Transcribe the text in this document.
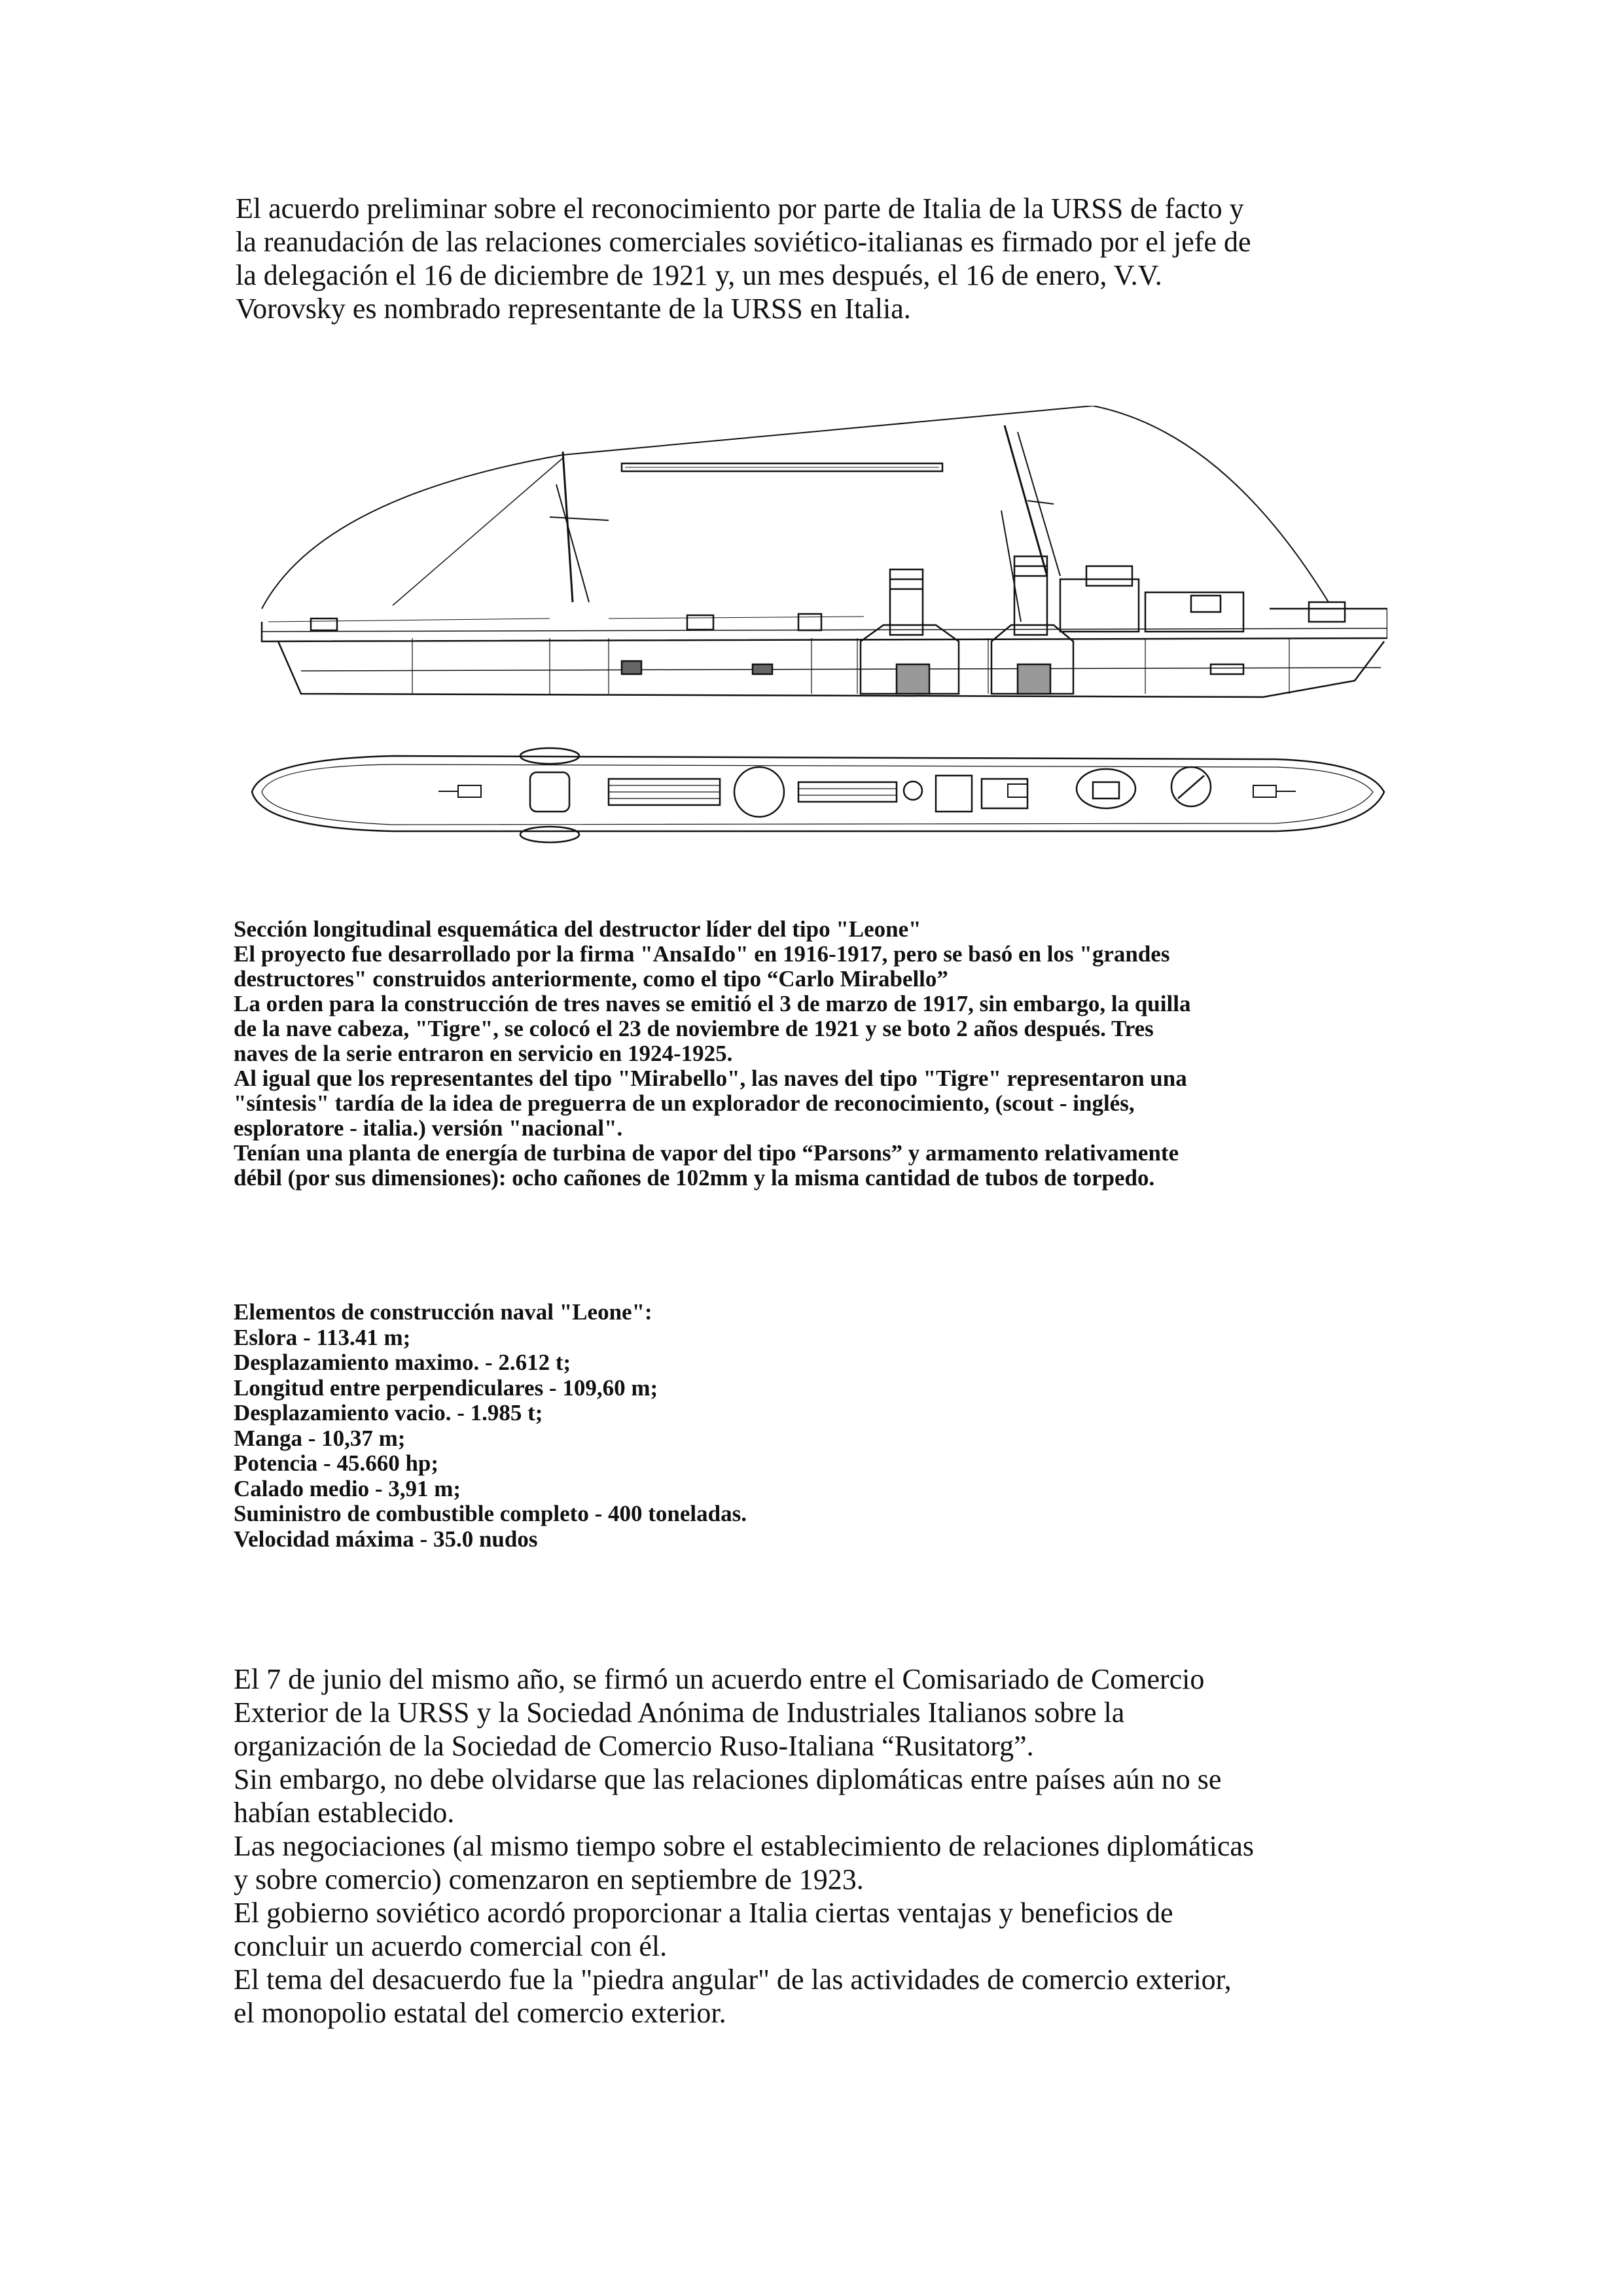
El acuerdo preliminar sobre el reconocimiento por parte de Italia de la URSS de facto y
la reanudación de las relaciones comerciales soviético-italianas es firmado por el jefe de
la delegación el 16 de diciembre de 1921 y, un mes después, el 16 de enero, V.V.
Vorovsky es nombrado representante de la URSS en Italia.
Sección longitudinal esquemática del destructor líder del tipo "Leone"
El proyecto fue desarrollado por la firma "AnsaIdo" en 1916-1917, pero se basó en los "grandes
destructores" construidos anteriormente, como el tipo “Carlo Mirabello”
La orden para la construcción de tres naves se emitió el 3 de marzo de 1917, sin embargo, la quilla
de la nave cabeza, "Tigre", se colocó el 23 de noviembre de 1921 y se boto 2 años después. Tres
naves de la serie entraron en servicio en 1924-1925.
Al igual que los representantes del tipo "Mirabello", las naves del tipo "Tigre" representaron una
"síntesis" tardía de la idea de preguerra de un explorador de reconocimiento, (scout - inglés,
esploratore - italia.) versión "nacional".
Tenían una planta de energía de turbina de vapor del tipo “Parsons” y armamento relativamente
débil (por sus dimensiones): ocho cañones de 102mm y la misma cantidad de tubos de torpedo.
Elementos de construcción naval "Leone":
Eslora - 113.41 m;
Desplazamiento maximo. - 2.612 t;
Longitud entre perpendiculares - 109,60 m;
Desplazamiento vacio. - 1.985 t;
Manga - 10,37 m;
Potencia - 45.660 hp;
Calado medio - 3,91 m;
Suministro de combustible completo - 400 toneladas.
Velocidad máxima - 35.0 nudos
El 7 de junio del mismo año, se firmó un acuerdo entre el Comisariado de Comercio
Exterior de la URSS y la Sociedad Anónima de Industriales Italianos sobre la
organización de la Sociedad de Comercio Ruso-Italiana “Rusitatorg”.
Sin embargo, no debe olvidarse que las relaciones diplomáticas entre países aún no se
habían establecido.
Las negociaciones (al mismo tiempo sobre el establecimiento de relaciones diplomáticas
y sobre comercio) comenzaron en septiembre de 1923.
El gobierno soviético acordó proporcionar a Italia ciertas ventajas y beneficios de
concluir un acuerdo comercial con él.
El tema del desacuerdo fue la "piedra angular" de las actividades de comercio exterior,
el monopolio estatal del comercio exterior.
